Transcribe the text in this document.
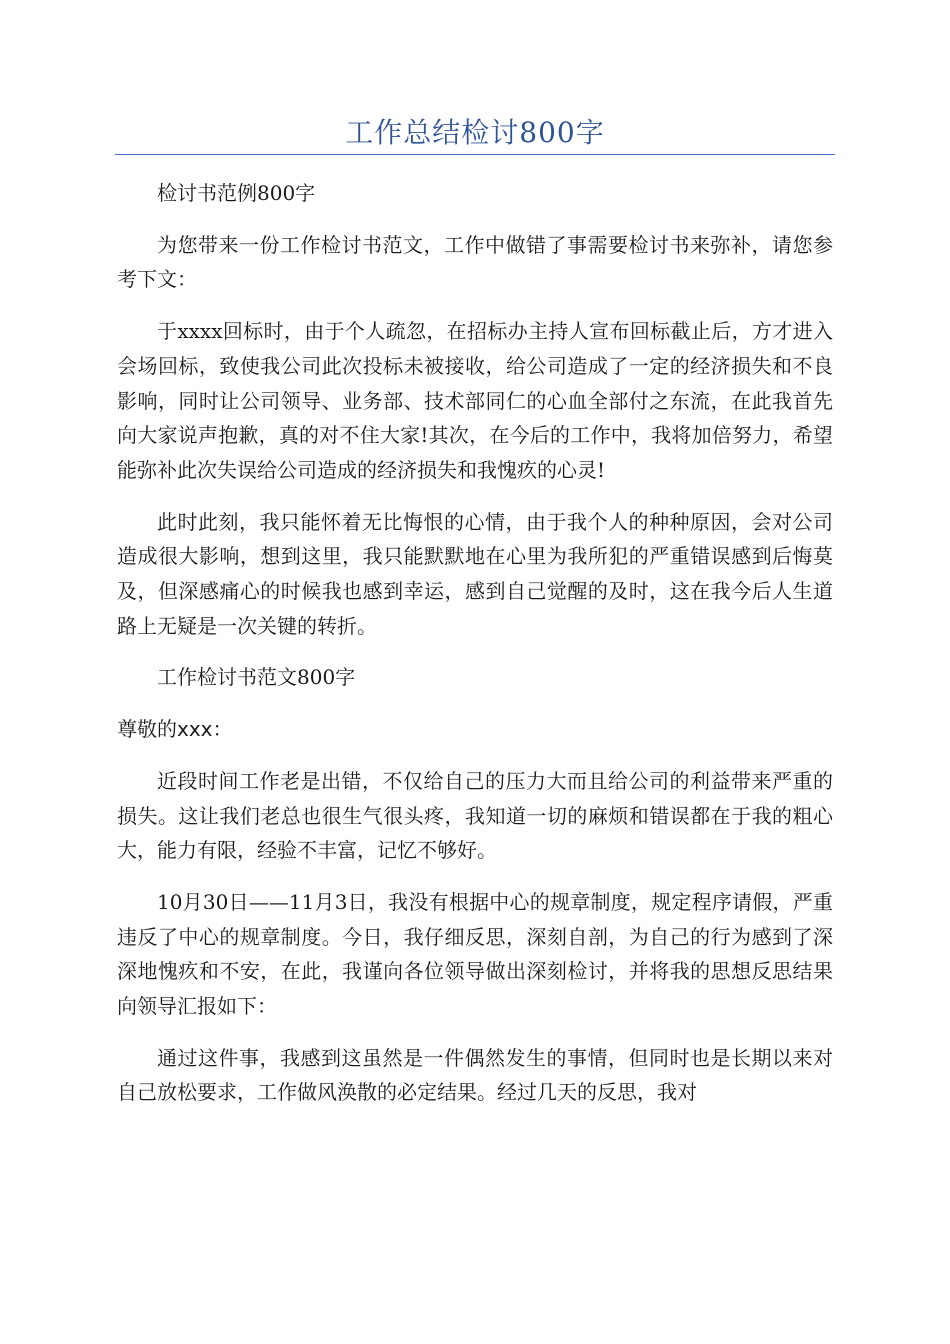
工作总结检讨800字

检讨书范例800字

为您带来一份工作检讨书范文，工作中做错了事需要检讨书来弥补，请您参考下文：

于xxxx回标时，由于个人疏忽，在招标办主持人宣布回标截止后，方才进入会场回标，致使我公司此次投标未被接收，给公司造成了一定的经济损失和不良影响，同时让公司领导、业务部、技术部同仁的心血全部付之东流，在此我首先向大家说声抱歉，真的对不住大家!其次，在今后的工作中，我将加倍努力，希望能弥补此次失误给公司造成的经济损失和我愧疚的心灵!

此时此刻，我只能怀着无比悔恨的心情，由于我个人的种种原因，会对公司造成很大影响，想到这里，我只能默默地在心里为我所犯的严重错误感到后悔莫及，但深感痛心的时候我也感到幸运，感到自己觉醒的及时，这在我今后人生道路上无疑是一次关键的转折。

工作检讨书范文800字

尊敬的xxx：

近段时间工作老是出错，不仅给自己的压力大而且给公司的利益带来严重的损失。这让我们老总也很生气很头疼，我知道一切的麻烦和错误都在于我的粗心大，能力有限，经验不丰富，记忆不够好。

10月30日——11月3日，我没有根据中心的规章制度，规定程序请假，严重违反了中心的规章制度。今日，我仔细反思，深刻自剖，为自己的行为感到了深深地愧疚和不安，在此，我谨向各位领导做出深刻检讨，并将我的思想反思结果向领导汇报如下：

通过这件事，我感到这虽然是一件偶然发生的事情，但同时也是长期以来对自己放松要求，工作做风涣散的必定结果。经过几天的反思，我对
